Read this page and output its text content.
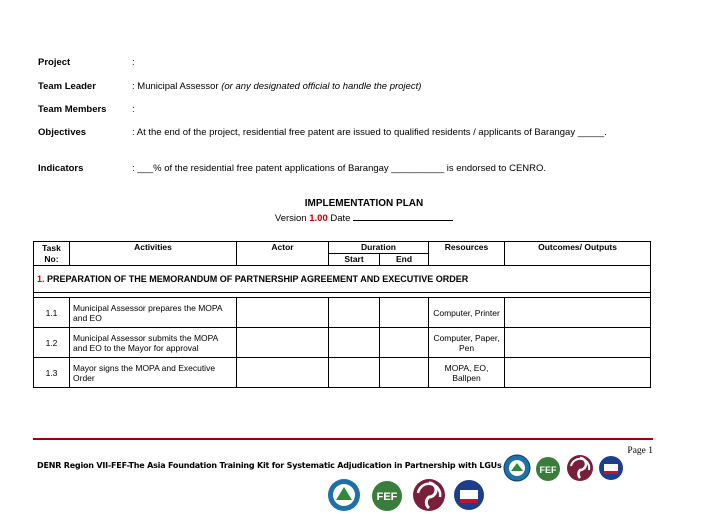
Project	:
Team Leader	: Municipal Assessor (or any designated official to handle the project)
Team Members	:
Objectives	: At the end of the project, residential free patent are issued to qualified residents / applicants of Barangay _____.
Indicators	: ___% of the residential free patent applications of Barangay __________ is endorsed to CENRO.
IMPLEMENTATION PLAN
Version 1.00 Date
Task No:	Activities	Actor	Duration		Resources	Outcomes/ Outputs
			Start	End		
1. PREPARATION OF THE MEMORANDUM OF PARTNERSHIP AGREEMENT AND EXECUTIVE ORDER						

1.1	Municipal Assessor prepares the MOPA and EO				Computer, Printer	
1.2	Municipal Assessor submits the MOPA and EO to the Mayor for approval				Computer, Paper, Pen	
1.3	Mayor signs the MOPA and Executive Order				MOPA, EO, Ballpen	
Page 1
DENR Region VII-FEF-The Asia Foundation Training Kit for Systematic Adjudication in Partnership with LGUs	FEF
FEF
